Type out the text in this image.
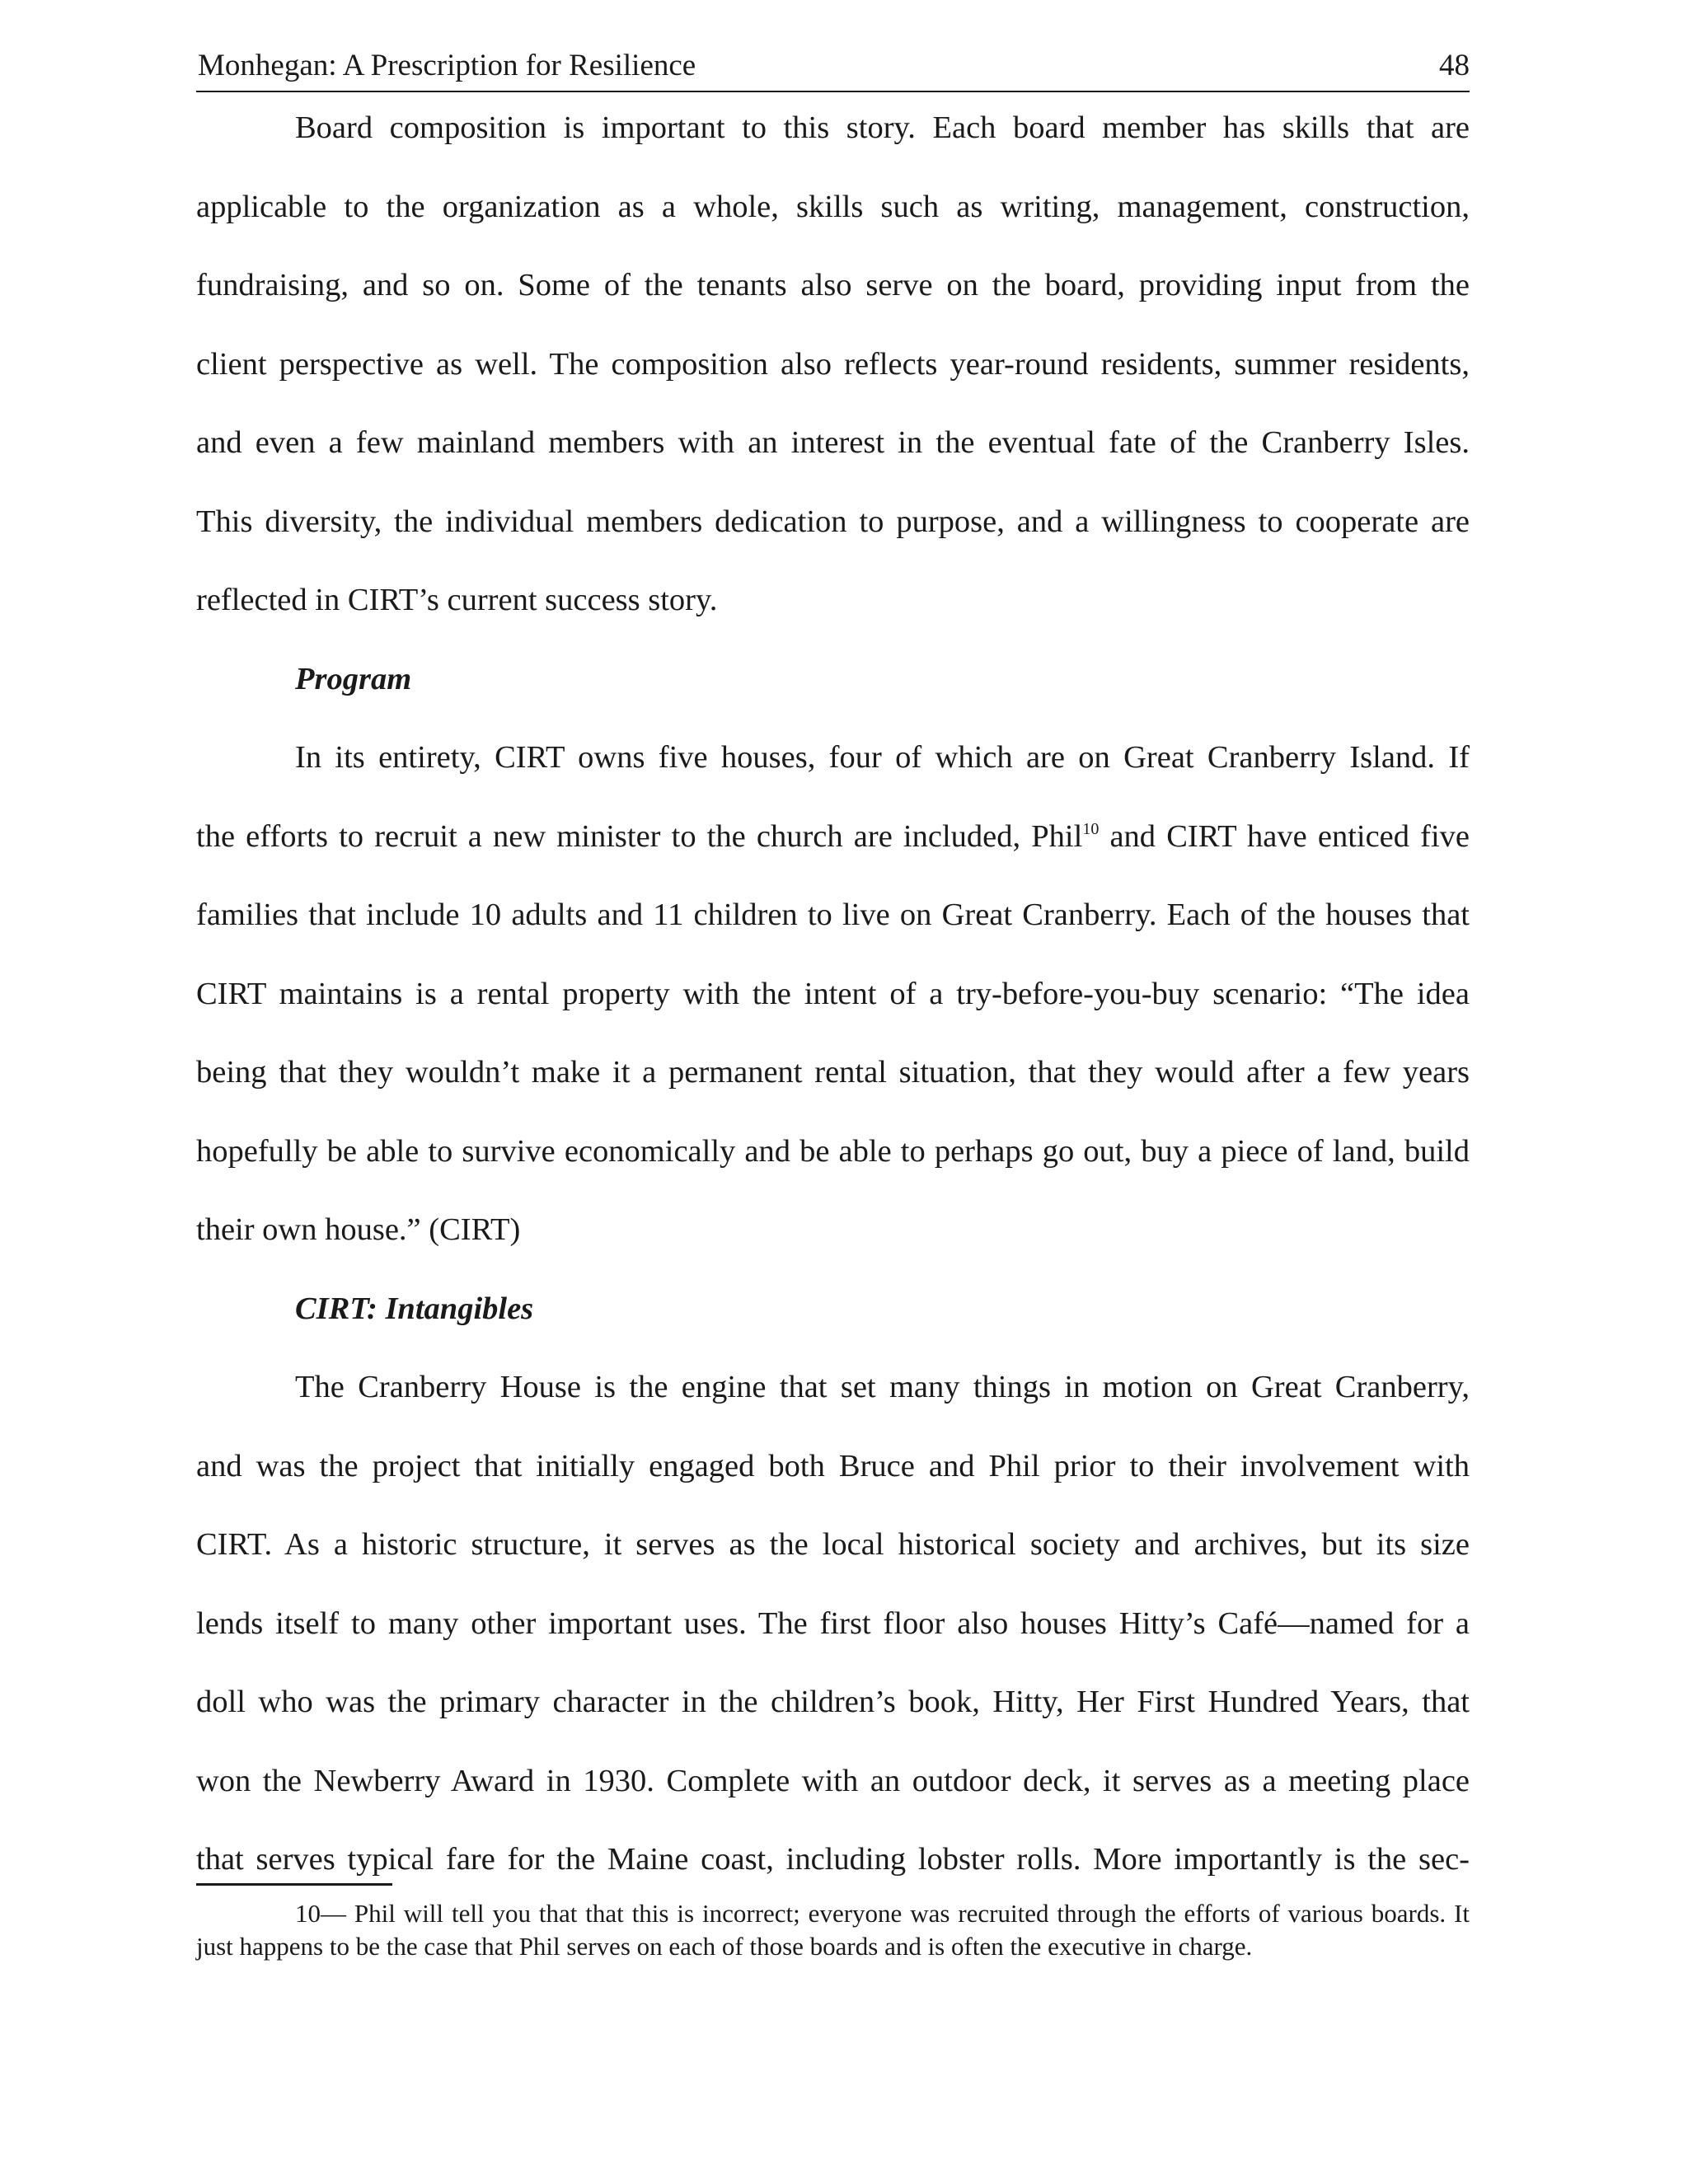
Monhegan: A Prescription for Resilience	48
Board composition is important to this story. Each board member has skills that are
applicable to the organization as a whole, skills such as writing, management, construction,
fundraising, and so on. Some of the tenants also serve on the board, providing input from the
client perspective as well. The composition also reflects year-round residents, summer residents,
and even a few mainland members with an interest in the eventual fate of the Cranberry Isles.
This diversity, the individual members dedication to purpose, and a willingness to cooperate are
reflected in CIRT’s current success story.
Program
In its entirety, CIRT owns five houses, four of which are on Great Cranberry Island. If
the efforts to recruit a new minister to the church are included, Phil$^{10}$ and CIRT have enticed five
families that include 10 adults and 11 children to live on Great Cranberry. Each of the houses that
CIRT maintains is a rental property with the intent of a try-before-you-buy scenario: “The idea
being that they wouldn’t make it a permanent rental situation, that they would after a few years
hopefully be able to survive economically and be able to perhaps go out, buy a piece of land, build
their own house.” (CIRT)
CIRT: Intangibles
The Cranberry House is the engine that set many things in motion on Great Cranberry,
and was the project that initially engaged both Bruce and Phil prior to their involvement with
CIRT. As a historic structure, it serves as the local historical society and archives, but its size
lends itself to many other important uses. The first floor also houses Hitty’s Café—named for a
doll who was the primary character in the children’s book, Hitty, Her First Hundred Years, that
won the Newberry Award in 1930. Complete with an outdoor deck, it serves as a meeting place
that serves typical fare for the Maine coast, including lobster rolls. More importantly is the sec-
10— Phil will tell you that that this is incorrect; everyone was recruited through the efforts of various boards. It just happens to be the case that Phil serves on each of those boards and is often the executive in charge.
